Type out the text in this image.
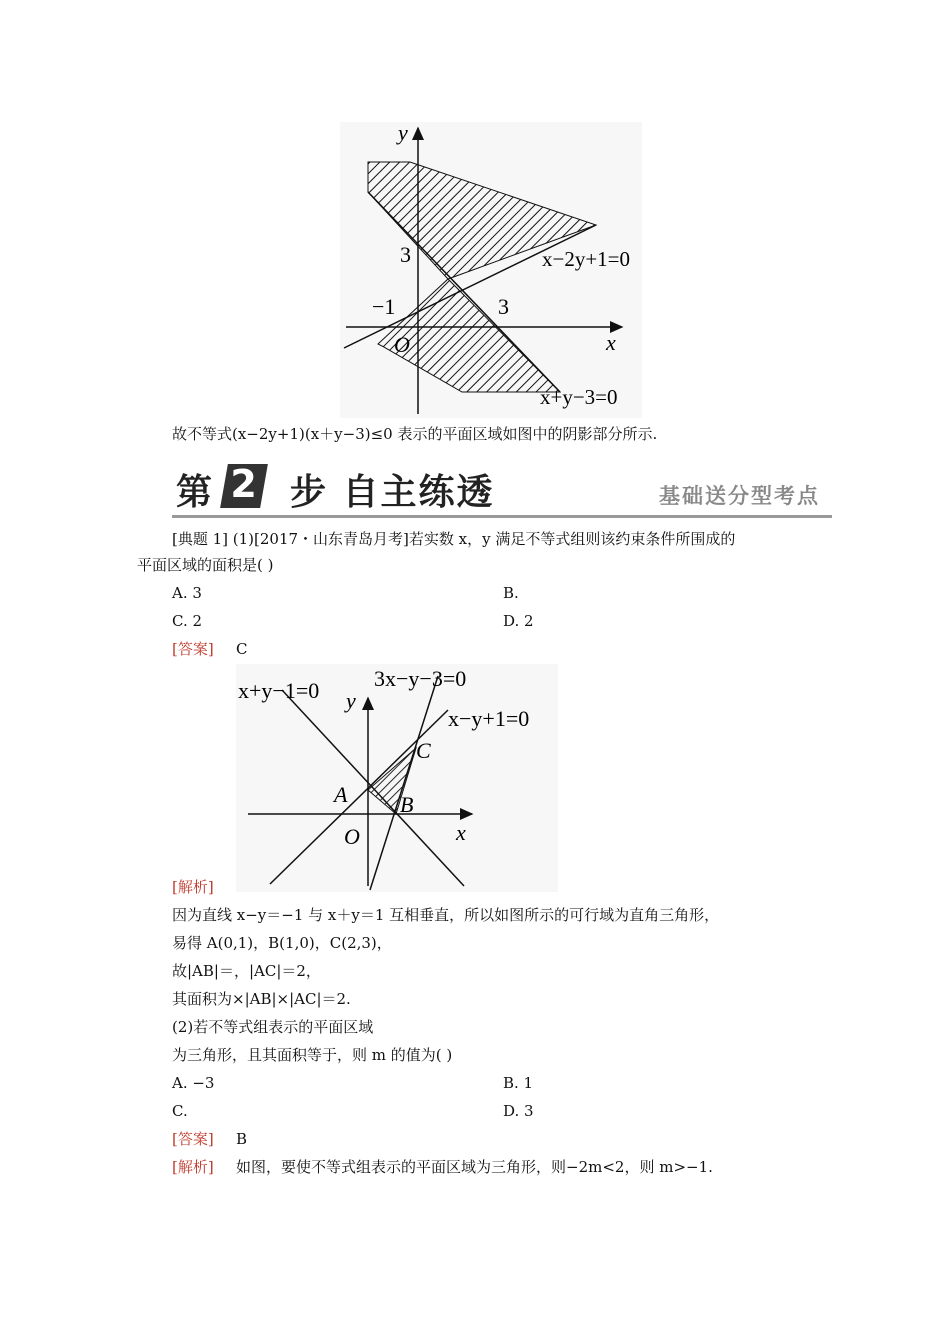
y
x
O
3
−1	3
x−2y+1=0
x+y−3=0
故不等式(x−2y+1)(x＋y−3)≤0 表示的平面区域如图中的阴影部分所示.
第 2 步 自主练透	基础送分型考点
[典题 1] (1)[2017・山东青岛月考]若实数 x，y 满足不等式组则该约束条件所围成的
平面区域的面积是( )
A. 3	B.
C. 2	D. 2
[答案] C
x+y−1=0 3x−y−3=0
x−y+1=0
y
x
O
A B
C
[解析]
因为直线 x−y＝−1 与 x＋y＝1 互相垂直，所以如图所示的可行域为直角三角形，
易得 A(0,1)，B(1,0)，C(2,3)，
故|AB|＝，|AC|＝2，
其面积为×|AB|×|AC|＝2.
(2)若不等式组表示的平面区域
为三角形，且其面积等于，则 m 的值为( )
A. −3	B. 1
C.	D. 3
[答案] B
[解析] 如图，要使不等式组表示的平面区域为三角形，则−2m<2，则 m>−1.
